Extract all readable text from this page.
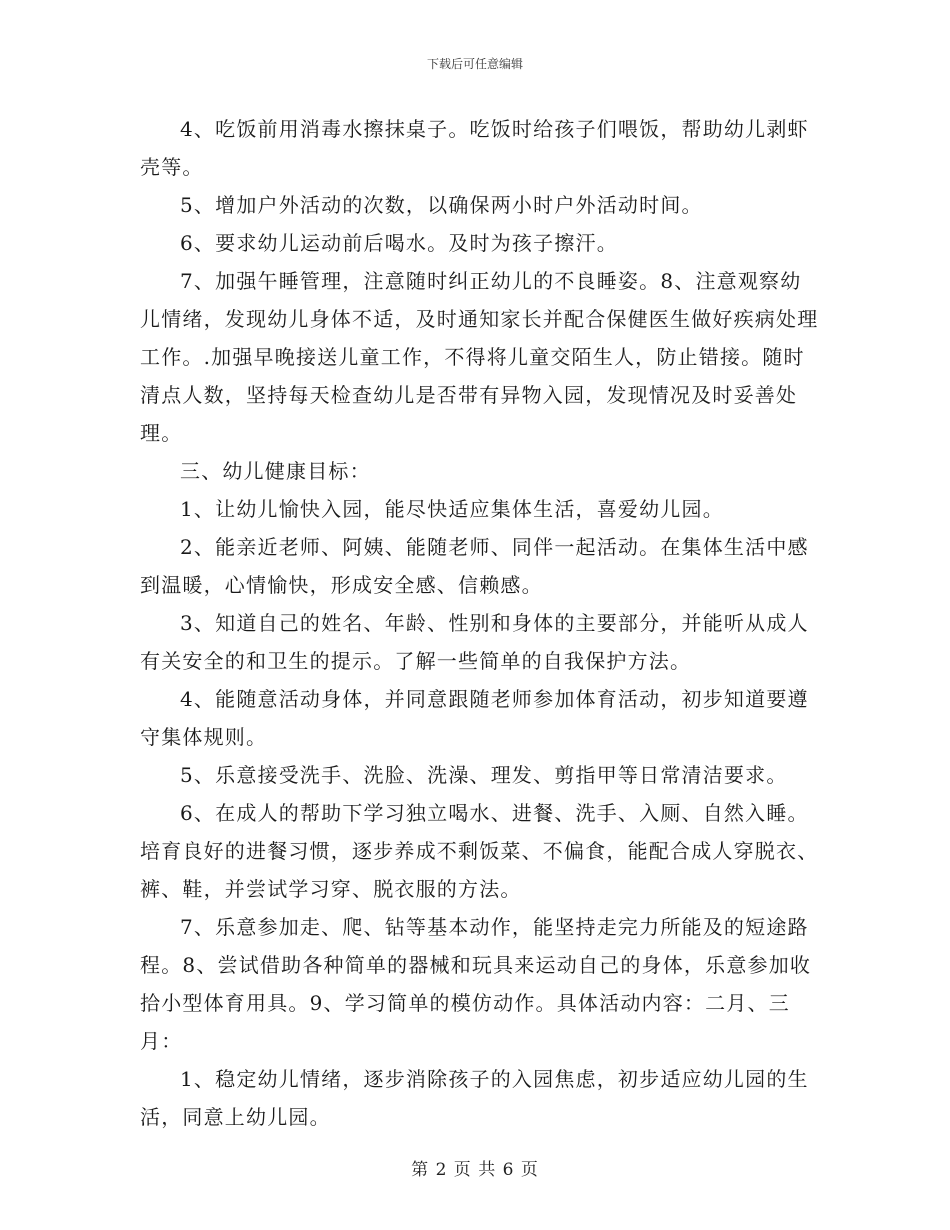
下载后可任意编辑

4、吃饭前用消毒水擦抹桌子。吃饭时给孩子们喂饭，帮助幼儿剥虾壳等。

5、增加户外活动的次数，以确保两小时户外活动时间。

6、要求幼儿运动前后喝水。及时为孩子擦汗。

7、加强午睡管理，注意随时纠正幼儿的不良睡姿。8、注意观察幼儿情绪，发现幼儿身体不适，及时通知家长并配合保健医生做好疾病处理工作。.加强早晚接送儿童工作，不得将儿童交陌生人，防止错接。随时清点人数，坚持每天检查幼儿是否带有异物入园，发现情况及时妥善处理。

三、幼儿健康目标：

1、让幼儿愉快入园，能尽快适应集体生活，喜爱幼儿园。

2、能亲近老师、阿姨、能随老师、同伴一起活动。在集体生活中感到温暖，心情愉快，形成安全感、信赖感。

3、知道自己的姓名、年龄、性别和身体的主要部分，并能听从成人有关安全的和卫生的提示。了解一些简单的自我保护方法。

4、能随意活动身体，并同意跟随老师参加体育活动，初步知道要遵守集体规则。

5、乐意接受洗手、洗脸、洗澡、理发、剪指甲等日常清洁要求。

6、在成人的帮助下学习独立喝水、进餐、洗手、入厕、自然入睡。培育良好的进餐习惯，逐步养成不剩饭菜、不偏食，能配合成人穿脱衣、裤、鞋，并尝试学习穿、脱衣服的方法。

7、乐意参加走、爬、钻等基本动作，能坚持走完力所能及的短途路程。8、尝试借助各种简单的器械和玩具来运动自己的身体，乐意参加收拾小型体育用具。9、学习简单的模仿动作。具体活动内容：二月、三月：

1、稳定幼儿情绪，逐步消除孩子的入园焦虑，初步适应幼儿园的生活，同意上幼儿园。

第 2 页 共 6 页
